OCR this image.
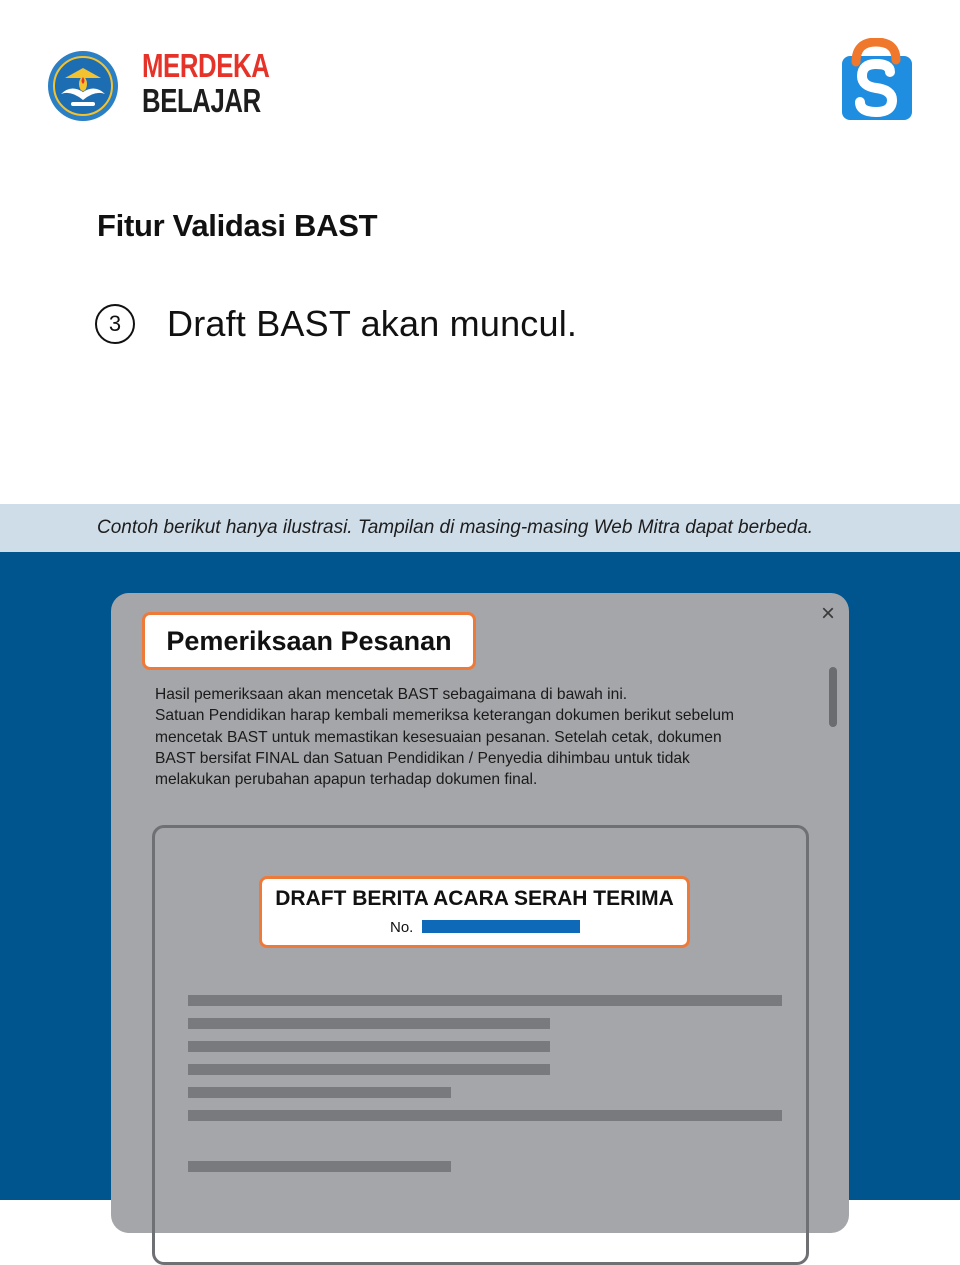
MERDEKA
BELAJAR
Fitur Validasi BAST
3	Draft BAST akan muncul.
Contoh berikut hanya ilustrasi. Tampilan di masing-masing Web Mitra dapat berbeda.
×
Pemeriksaan Pesanan
Hasil pemeriksaan akan mencetak BAST sebagaimana di bawah ini.
Satuan Pendidikan harap kembali memeriksa keterangan dokumen berikut sebelum
mencetak BAST untuk memastikan kesesuaian pesanan. Setelah cetak, dokumen
BAST bersifat FINAL dan Satuan Pendidikan / Penyedia dihimbau untuk tidak
melakukan perubahan apapun terhadap dokumen final.
DRAFT BERITA ACARA SERAH TERIMA
No.
